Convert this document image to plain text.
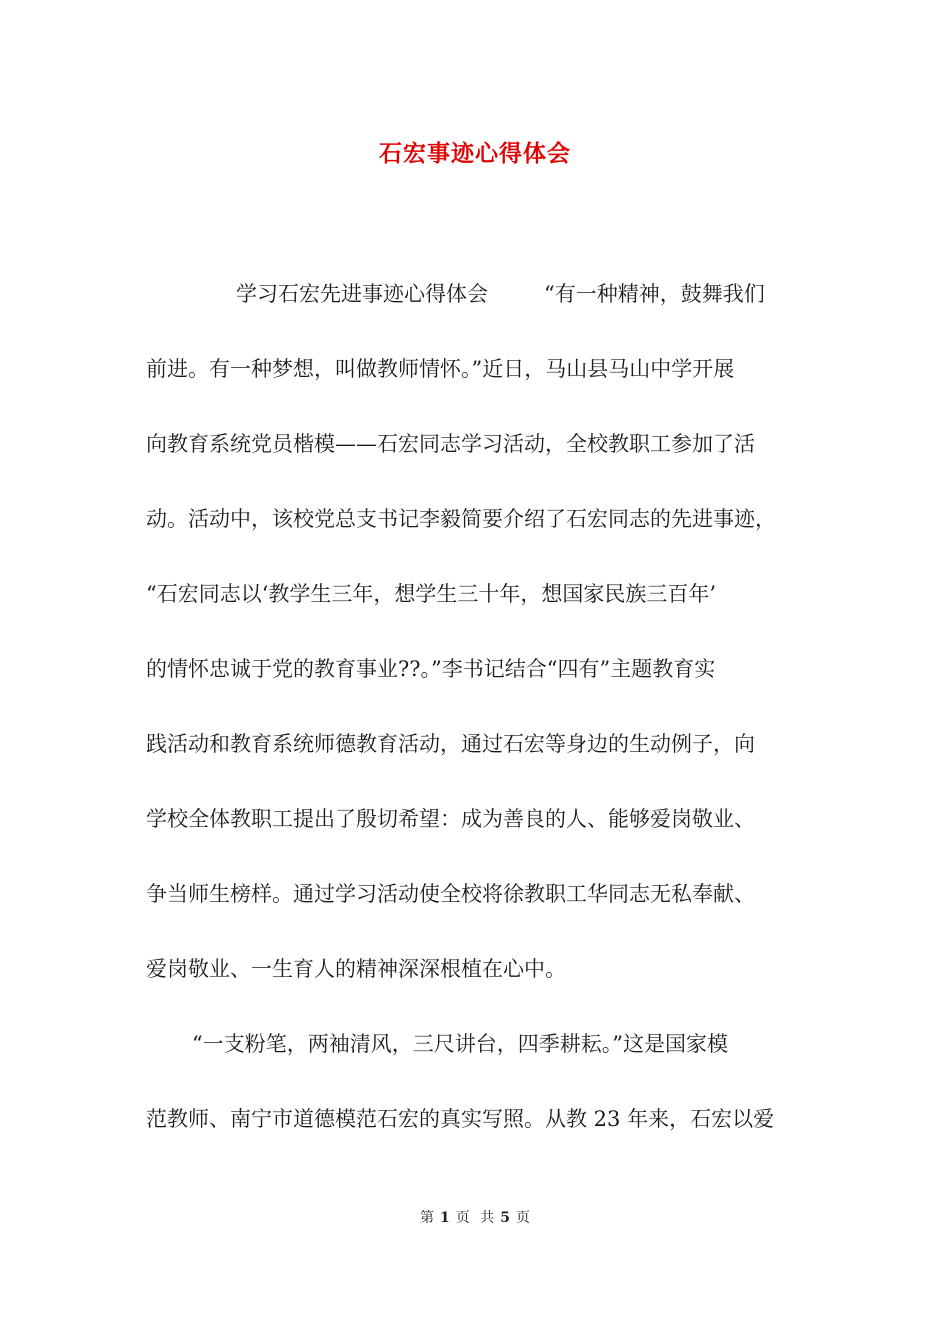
石宏事迹心得体会
学习石宏先进事迹心得体会	“有一种精神，鼓舞我们
前进。有一种梦想，叫做教师情怀。”近日，马山县马山中学开展
向教育系统党员楷模——石宏同志学习活动，全校教职工参加了活
动。活动中，该校党总支书记李毅简要介绍了石宏同志的先进事迹，
“石宏同志以‘教学生三年，想学生三十年，想国家民族三百年’
的情怀忠诚于党的教育事业??。”李书记结合“四有”主题教育实
践活动和教育系统师德教育活动，通过石宏等身边的生动例子，向
学校全体教职工提出了殷切希望：成为善良的人、能够爱岗敬业、
争当师生榜样。通过学习活动使全校将徐教职工华同志无私奉献、
爱岗敬业、一生育人的精神深深根植在心中。
“一支粉笔，两袖清风，三尺讲台，四季耕耘。”这是国家模
范教师、南宁市道德模范石宏的真实写照。从教 23 年来，石宏以爱
第 1 页 共 5 页
